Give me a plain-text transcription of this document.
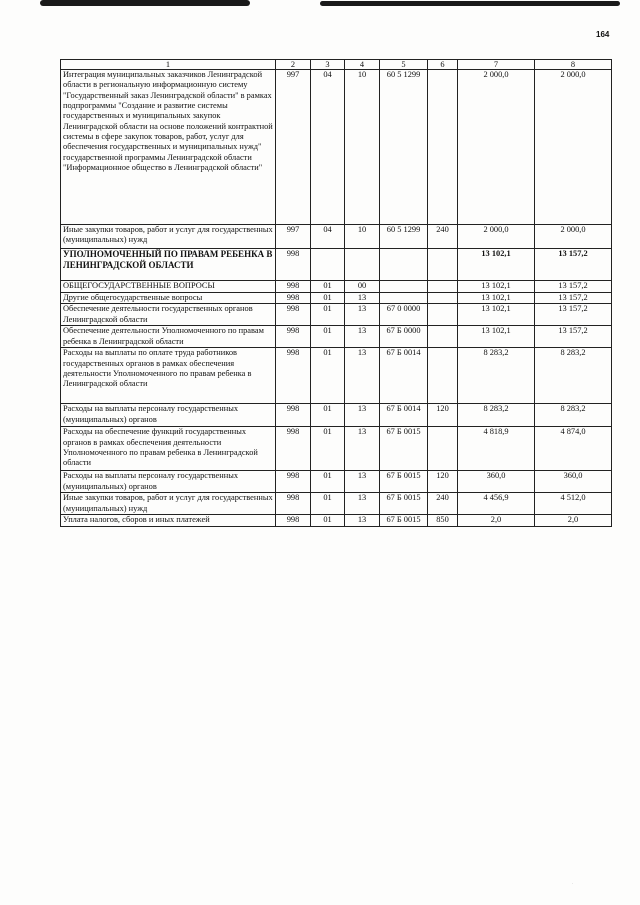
164
1	2	3	4	5	6	7	8
Интеграция муниципальных заказчиков Ленинградской области в региональную информационную систему "Государственный заказ Ленинградской области" в рамках подпрограммы "Создание и развитие системы государственных и муниципальных закупок Ленинградской области на основе положений контрактной системы в сфере закупок товаров, работ, услуг для обеспечения государственных и муниципальных нужд" государственной программы Ленинградской области "Информационное общество в Ленинградской области"	997	04	10	60 5 1299		2 000,0	2 000,0
Иные закупки товаров, работ и услуг для государственных (муниципальных) нужд	997	04	10	60 5 1299	240	2 000,0	2 000,0
УПОЛНОМОЧЕННЫЙ ПО ПРАВАМ РЕБЕНКА В ЛЕНИНГРАДСКОЙ ОБЛАСТИ	998					13 102,1	13 157,2
ОБЩЕГОСУДАРСТВЕННЫЕ ВОПРОСЫ	998	01	00			13 102,1	13 157,2
Другие общегосударственные вопросы	998	01	13			13 102,1	13 157,2
Обеспечение деятельности государственных органов Ленинградской области	998	01	13	67 0 0000		13 102,1	13 157,2
Обеспечение деятельности Уполномоченного по правам ребенка в Ленинградской области	998	01	13	67 Б 0000		13 102,1	13 157,2
Расходы на выплаты по оплате труда работников государственных органов в рамках обеспечения деятельности Уполномоченного по правам ребенка в Ленинградской области	998	01	13	67 Б 0014		8 283,2	8 283,2
Расходы на выплаты персоналу государственных (муниципальных) органов	998	01	13	67 Б 0014	120	8 283,2	8 283,2
Расходы на обеспечение функций государственных органов в рамках обеспечения деятельности Уполномоченного по правам ребенка в Ленинградской области	998	01	13	67 Б 0015		4 818,9	4 874,0
Расходы на выплаты персоналу государственных (муниципальных) органов	998	01	13	67 Б 0015	120	360,0	360,0
Иные закупки товаров, работ и услуг для государственных (муниципальных) нужд	998	01	13	67 Б 0015	240	4 456,9	4 512,0
Уплата налогов, сборов и иных платежей	998	01	13	67 Б 0015	850	2,0	2,0
.
